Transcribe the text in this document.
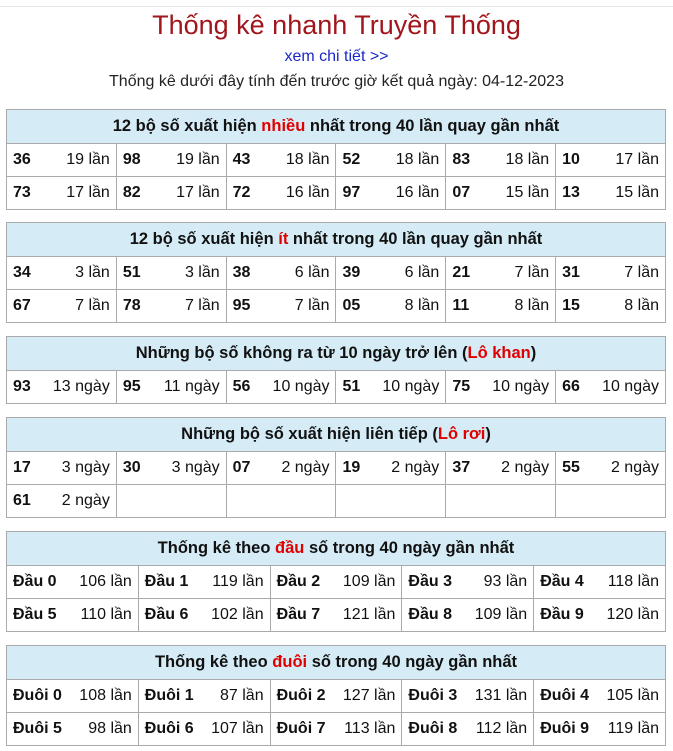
Thống kê nhanh Truyền Thống
xem chi tiết >>
Thống kê dưới đây tính đến trước giờ kết quả ngày: 04-12-2023
12 bộ số xuất hiện nhiều nhất trong 40 lần quay gần nhất					

36 19 lần	98 19 lần	43 18 lần	52 18 lần	83 18 lần	10 17 lần

73 17 lần	82 17 lần	72 16 lần	97 16 lần	07 15 lần	13 15 lần
12 bộ số xuất hiện ít nhất trong 40 lần quay gần nhất					

34 3 lần	51 3 lần	38 6 lần	39 6 lần	21 7 lần	31 7 lần

67 7 lần	78 7 lần	95 7 lần	05 8 lần	11 8 lần	15 8 lần
Những bộ số không ra từ 10 ngày trở lên (Lô khan)

93 13 ngày	95 11 ngày	56 10 ngày	51 10 ngày	75 10 ngày	66 10 ngày
Những bộ số xuất hiện liên tiếp (Lô rơi)					

17 3 ngày	30 3 ngày	07 2 ngày	19 2 ngày	37 2 ngày	55 2 ngày

61 2 ngày					

Thống kê theo đầu số trong 40 ngày gần nhất				

Đầu 0 106 lần	Đầu 1 119 lần	Đầu 2 109 lần	Đầu 3 93 lần	Đầu 4 118 lần

Đầu 5 110 lần	Đầu 6 102 lần	Đầu 7 121 lần	Đầu 8 109 lần	Đầu 9 120 lần
Thống kê theo đuôi số trong 40 ngày gần nhất				

Đuôi 0 108 lần	Đuôi 1 87 lần	Đuôi 2 127 lần	Đuôi 3 131 lần	Đuôi 4 105 lần

Đuôi 5 98 lần	Đuôi 6 107 lần	Đuôi 7 113 lần	Đuôi 8 112 lần	Đuôi 9 119 lần
